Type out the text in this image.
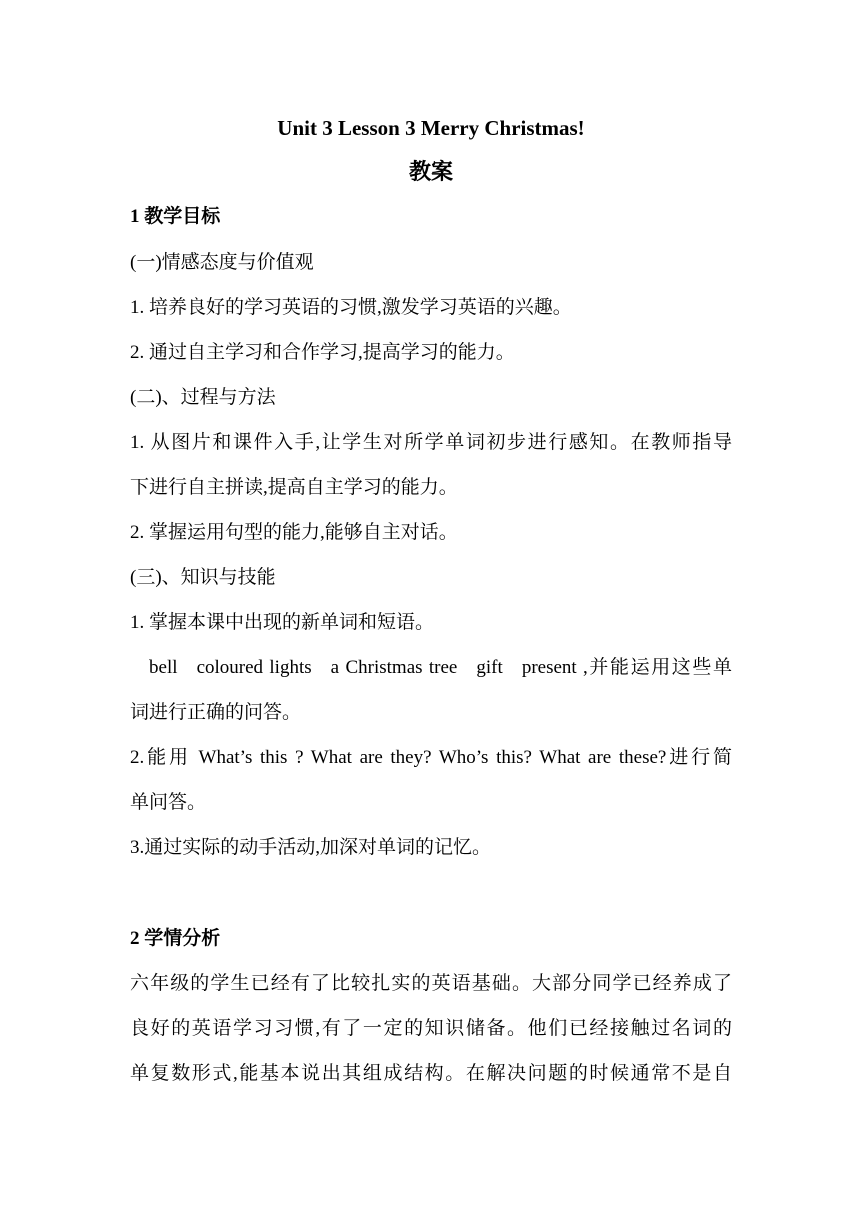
Unit 3 Lesson 3 Merry Christmas!
教案
1 教学目标
(一)情感态度与价值观
1. 培养良好的学习英语的习惯,激发学习英语的兴趣。
2. 通过自主学习和合作学习,提高学习的能力。
(二)、过程与方法
1. 从图片和课件入手,让学生对所学单词初步进行感知。在教师指导
下进行自主拼读,提高自主学习的能力。
2. 掌握运用句型的能力,能够自主对话。
(三)、知识与技能
1. 掌握本课中出现的新单词和短语。
bell   coloured lights   a Christmas tree   gift   present ,并能运用这些单
词进行正确的问答。
2.能用 What’s this ? What are they? Who’s this? What are these?进行简
单问答。
3.通过实际的动手活动,加深对单词的记忆。
2 学情分析
六年级的学生已经有了比较扎实的英语基础。大部分同学已经养成了
良好的英语学习习惯,有了一定的知识储备。他们已经接触过名词的
单复数形式,能基本说出其组成结构。在解决问题的时候通常不是自
